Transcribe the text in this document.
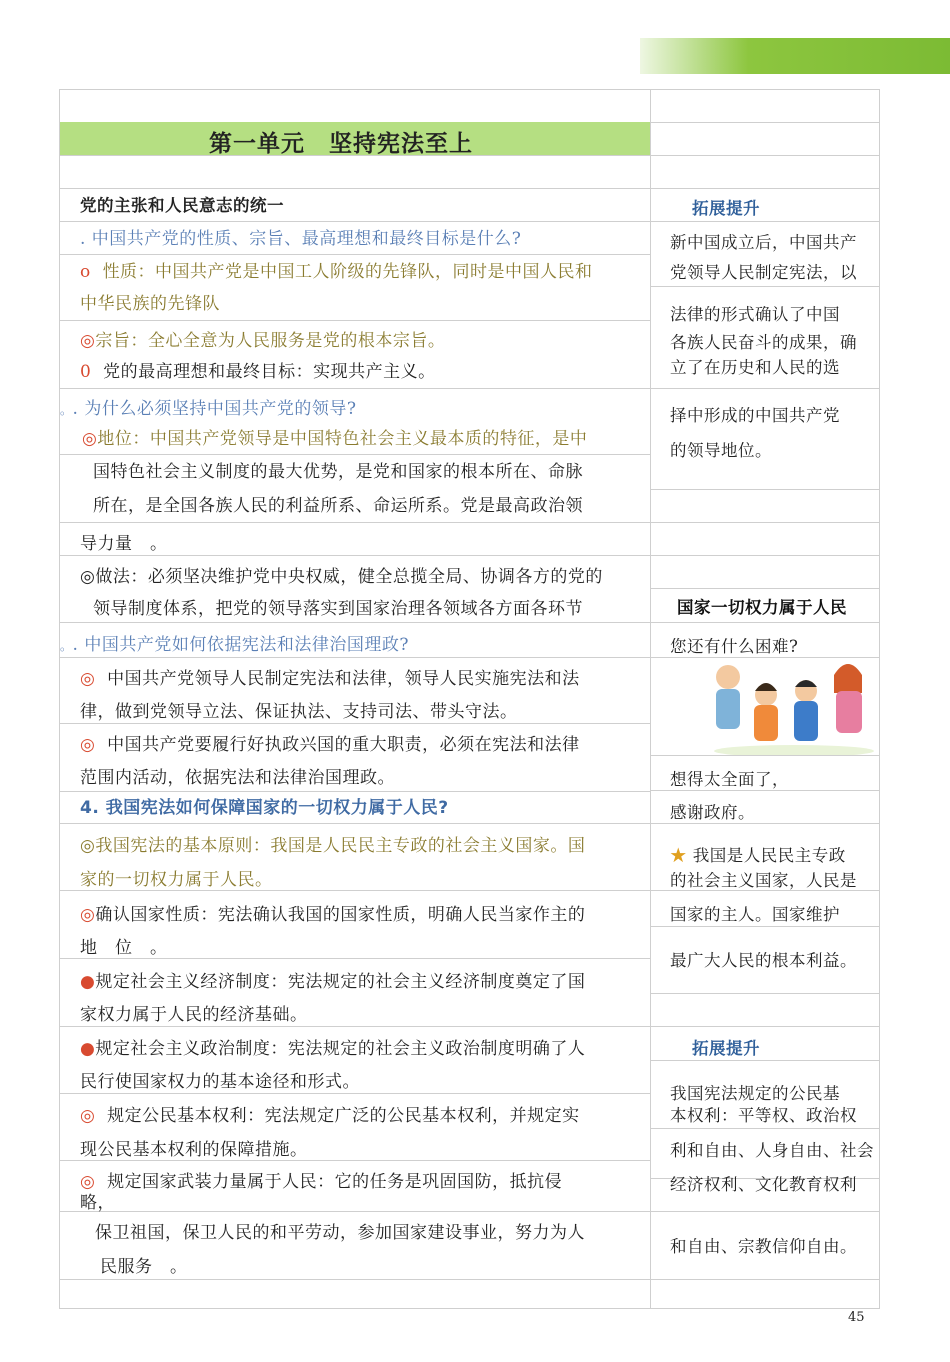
第一单元　坚持宪法至上
党的主张和人民意志的统一
. 中国共产党的性质、宗旨、最高理想和最终目标是什么?
o 性质：中国共产党是中国工人阶级的先锋队，同时是中国人民和
中华民族的先锋队
◎宗旨：全心全意为人民服务是党的根本宗旨。
0 党的最高理想和最终目标：实现共产主义。
。. 为什么必须坚持中国共产党的领导?
◎地位：中国共产党领导是中国特色社会主义最本质的特征，是中
国特色社会主义制度的最大优势，是党和国家的根本所在、命脉
所在，是全国各族人民的利益所系、命运所系。党是最高政治领
导力量　。
◎做法：必须坚决维护党中央权威，健全总揽全局、协调各方的党的
领导制度体系，把党的领导落实到国家治理各领域各方面各环节
。. 中国共产党如何依据宪法和法律治国理政?
◎ 中国共产党领导人民制定宪法和法律，领导人民实施宪法和法
律，做到党领导立法、保证执法、支持司法、带头守法。
◎ 中国共产党要履行好执政兴国的重大职责，必须在宪法和法律
范围内活动，依据宪法和法律治国理政。
4. 我国宪法如何保障国家的一切权力属于人民?
◎我国宪法的基本原则：我国是人民民主专政的社会主义国家。国
家的一切权力属于人民。
◎确认国家性质：宪法确认我国的国家性质，明确人民当家作主的
地　位　。
●规定社会主义经济制度：宪法规定的社会主义经济制度奠定了国
家权力属于人民的经济基础。
●规定社会主义政治制度：宪法规定的社会主义政治制度明确了人
民行使国家权力的基本途径和形式。
◎ 规定公民基本权利：宪法规定广泛的公民基本权利，并规定实
现公民基本权利的保障措施。
◎ 规定国家武装力量属于人民：它的任务是巩固国防，抵抗侵
略，
保卫祖国，保卫人民的和平劳动，参加国家建设事业，努力为人
民服务　。
拓展提升
新中国成立后，中国共产
党领导人民制定宪法，以
法律的形式确认了中国
各族人民奋斗的成果，确
立了在历史和人民的选
择中形成的中国共产党
的领导地位。
国家一切权力属于人民
您还有什么困难?
想得太全面了，
感谢政府。
★ 我国是人民民主专政
的社会主义国家，人民是
国家的主人。国家维护
最广大人民的根本利益。
拓展提升
我国宪法规定的公民基
本权利：平等权、政治权
利和自由、人身自由、社会
经济权利、文化教育权利
和自由、宗教信仰自由。
45
